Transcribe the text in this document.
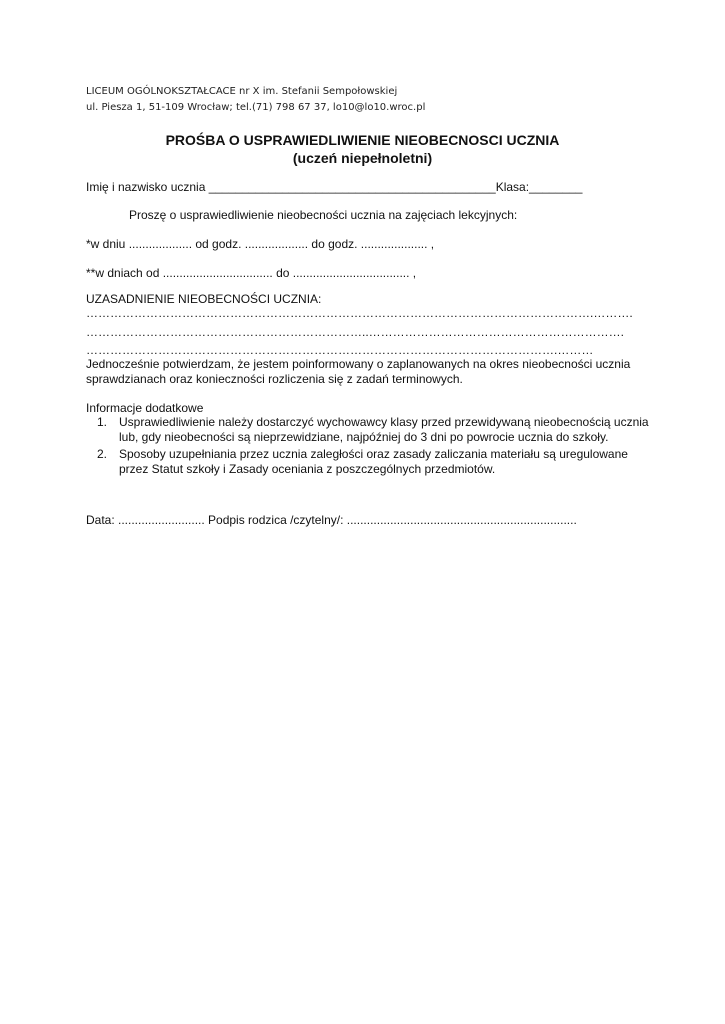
LICEUM OGÓLNOKSZTAŁCACE nr X im. Stefanii Sempołowskiej
ul. Piesza 1, 51-109 Wrocław; tel.(71) 798 67 37, lo10@lo10.wroc.pl
PROŚBA O USPRAWIEDLIWIENIE NIEOBECNOSCI UCZNIA
(uczeń niepełnoletni)
Imię i nazwisko ucznia ___________________________________________Klasa:________
Proszę o usprawiedliwienie nieobecności ucznia na zajęciach lekcyjnych:
*w dniu ................... od godz. ................... do godz. .................... ,
**w dniach od ................................. do ................................... ,
UZASADNIENIE NIEOBECNOŚCI UCZNIA:
……………………………………………………………………………………………………………….……….
……………………………………………………………..……………………………………………………….
……………………………………………………………………………………………………….………
Jednocześnie potwierdzam, że jestem poinformowany o zaplanowanych na okres nieobecności ucznia sprawdzianach oraz konieczności rozliczenia się z zadań terminowych.
Informacje dodatkowe
1. Usprawiedliwienie należy dostarczyć wychowawcy klasy przed przewidywaną nieobecnością ucznia lub, gdy nieobecności są nieprzewidziane, najpóźniej do 3 dni po powrocie ucznia do szkoły.
2. Sposoby uzupełniania przez ucznia zaległości oraz zasady zaliczania materiału są uregulowane przez Statut szkoły i Zasady oceniania z poszczególnych przedmiotów.
Data: .......................... Podpis rodzica /czytelny/: .....................................................................
